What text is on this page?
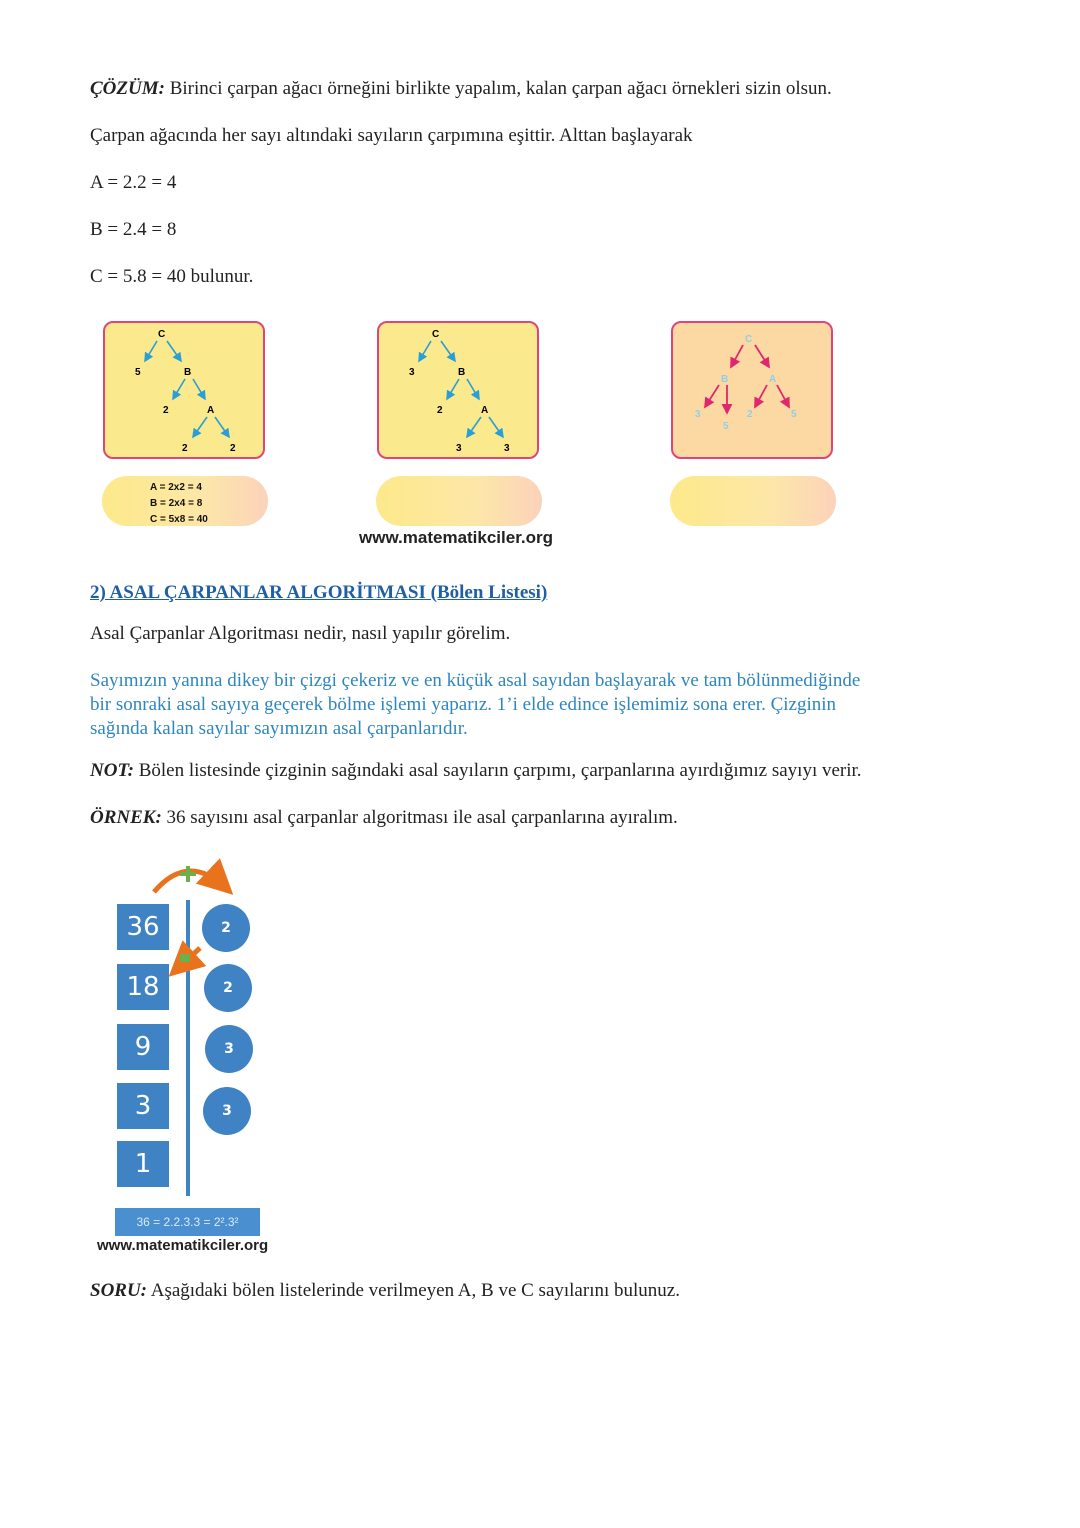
ÇÖZÜM: Birinci çarpan ağacı örneğini birlikte yapalım, kalan çarpan ağacı örnekleri sizin olsun.
Çarpan ağacında her sayı altındaki sayıların çarpımına eşittir. Alttan başlayarak
A = 2.2 = 4
B = 2.4 = 8
C = 5.8 = 40 bulunur.
C
5	B
2	A
2	2
A = 2x2 = 4
B = 2x4 = 8
C = 5x8 = 40
C
3	B
2	A
3	3
C
B	A
3
5
2	5
www.matematikciler.org
2) ASAL ÇARPANLAR ALGORİTMASI (Bölen Listesi)
Asal Çarpanlar Algoritması nedir, nasıl yapılır görelim.
Sayımızın yanına dikey bir çizgi çekeriz ve en küçük asal sayıdan başlayarak ve tam bölünmediğinde
bir sonraki asal sayıya geçerek bölme işlemi yaparız. 1’i elde edince işlemimiz sona erer. Çizginin
sağında kalan sayılar sayımızın asal çarpanlarıdır.
NOT: Bölen listesinde çizginin sağındaki asal sayıların çarpımı, çarpanlarına ayırdığımız sayıyı verir.
ÖRNEK: 36 sayısını asal çarpanlar algoritması ile asal çarpanlarına ayıralım.
36
18
9
3
1
2
2
3
3
36 = 2.2.3.3 = 2².3²
www.matematikciler.org
SORU: Aşağıdaki bölen listelerinde verilmeyen A, B ve C sayılarını bulunuz.
